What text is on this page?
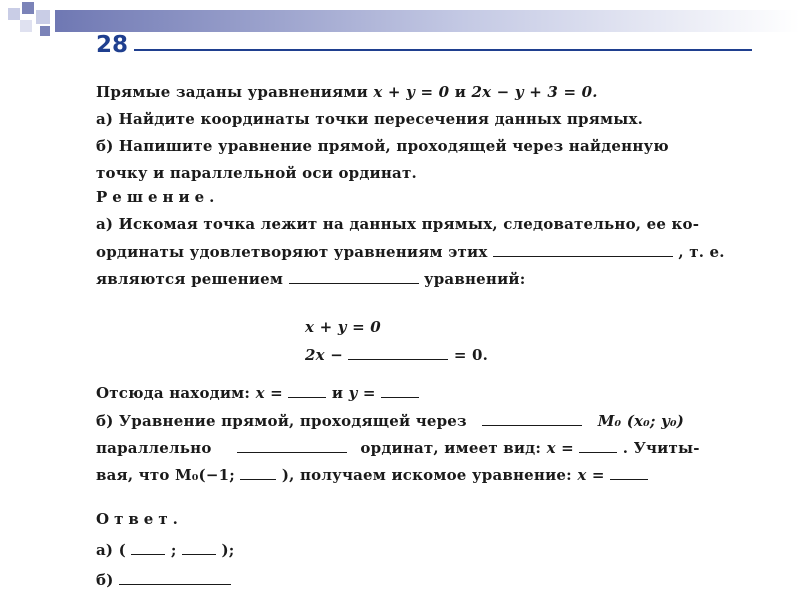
28
Прямые заданы уравнениями x + y = 0 и 2x − y + 3 = 0.
а) Найдите координаты точки пересечения данных прямых.
б) Напишите уравнение прямой, проходящей через найденную
точку и параллельной оси ординат.
Решение.
а) Искомая точка лежит на данных прямых, следовательно, ее ко-
ординаты удовлетворяют уравнениям этих	, т. е.
являются решением	уравнений:
x + y = 0
2x −	= 0.
Отсюда находим: x =	и y =
б) Уравнение прямой, проходящей через	M₀ (x₀; y₀)
параллельно	ординат, имеет вид: x =	. Учиты-
вая, что M₀(−1;	), получаем искомое уравнение: x =
Ответ.
а) (	;	);
б)
